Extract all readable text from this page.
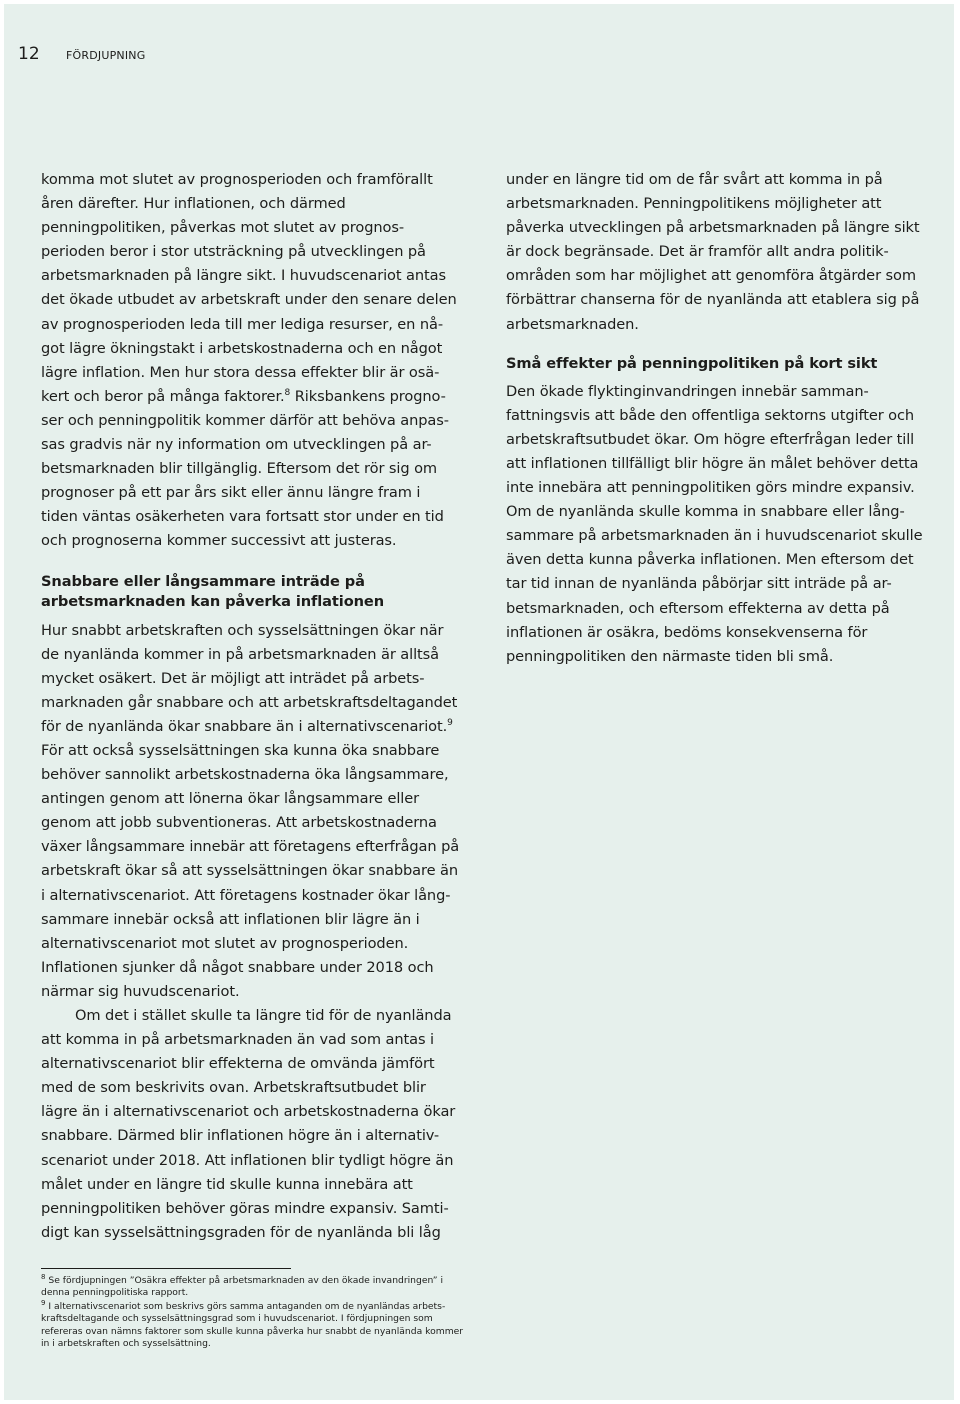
12 FÖRDJUPNING

komma mot slutet av prognosperioden och framförallt
åren därefter. Hur inflationen, och därmed
penningpolitiken, påverkas mot slutet av prognos-
perioden beror i stor utsträckning på utvecklingen på
arbetsmarknaden på längre sikt. I huvudscenariot antas
det ökade utbudet av arbetskraft under den senare delen
av prognosperioden leda till mer lediga resurser, en nå-
got lägre ökningstakt i arbetskostnaderna och en något
lägre inflation. Men hur stora dessa effekter blir är osä-
kert och beror på många faktorer.$^8$ Riksbankens progno-
ser och penningpolitik kommer därför att behöva anpas-
sas gradvis när ny information om utvecklingen på ar-
betsmarknaden blir tillgänglig. Eftersom det rör sig om
prognoser på ett par års sikt eller ännu längre fram i
tiden väntas osäkerheten vara fortsatt stor under en tid
och prognoserna kommer successivt att justeras.

Snabbare eller långsammare inträde på
arbetsmarknaden kan påverka inflationen

Hur snabbt arbetskraften och sysselsättningen ökar när
de nyanlända kommer in på arbetsmarknaden är alltså
mycket osäkert. Det är möjligt att inträdet på arbets-
marknaden går snabbare och att arbetskraftsdeltagandet
för de nyanlända ökar snabbare än i alternativscenariot.$^9$
För att också sysselsättningen ska kunna öka snabbare
behöver sannolikt arbetskostnaderna öka långsammare,
antingen genom att lönerna ökar långsammare eller
genom att jobb subventioneras. Att arbetskostnaderna
växer långsammare innebär att företagens efterfrågan på
arbetskraft ökar så att sysselsättningen ökar snabbare än
i alternativscenariot. Att företagens kostnader ökar lång-
sammare innebär också att inflationen blir lägre än i
alternativscenariot mot slutet av prognosperioden.
Inflationen sjunker då något snabbare under 2018 och
närmar sig huvudscenariot.

Om det i stället skulle ta längre tid för de nyanlända
att komma in på arbetsmarknaden än vad som antas i
alternativscenariot blir effekterna de omvända jämfört
med de som beskrivits ovan. Arbetskraftsutbudet blir
lägre än i alternativscenariot och arbetskostnaderna ökar
snabbare. Därmed blir inflationen högre än i alternativ-
scenariot under 2018. Att inflationen blir tydligt högre än
målet under en längre tid skulle kunna innebära att
penningpolitiken behöver göras mindre expansiv. Samti-
digt kan sysselsättningsgraden för de nyanlända bli låg

under en längre tid om de får svårt att komma in på
arbetsmarknaden. Penningpolitikens möjligheter att
påverka utvecklingen på arbetsmarknaden på längre sikt
är dock begränsade. Det är framför allt andra politik-
områden som har möjlighet att genomföra åtgärder som
förbättrar chanserna för de nyanlända att etablera sig på
arbetsmarknaden.

Små effekter på penningpolitiken på kort sikt

Den ökade flyktinginvandringen innebär samman-
fattningsvis att både den offentliga sektorns utgifter och
arbetskraftsutbudet ökar. Om högre efterfrågan leder till
att inflationen tillfälligt blir högre än målet behöver detta
inte innebära att penningpolitiken görs mindre expansiv.
Om de nyanlända skulle komma in snabbare eller lång-
sammare på arbetsmarknaden än i huvudscenariot skulle
även detta kunna påverka inflationen. Men eftersom det
tar tid innan de nyanlända påbörjar sitt inträde på ar-
betsmarknaden, och eftersom effekterna av detta på
inflationen är osäkra, bedöms konsekvenserna för
penningpolitiken den närmaste tiden bli små.

$^8$ Se fördjupningen ”Osäkra effekter på arbetsmarknaden av den ökade invandringen” i
denna penningpolitiska rapport.

$^9$ I alternativscenariot som beskrivs görs samma antaganden om de nyanländas arbets-
kraftsdeltagande och sysselsättningsgrad som i huvudscenariot. I fördjupningen som
refereras ovan nämns faktorer som skulle kunna påverka hur snabbt de nyanlända kommer
in i arbetskraften och sysselsättning.
